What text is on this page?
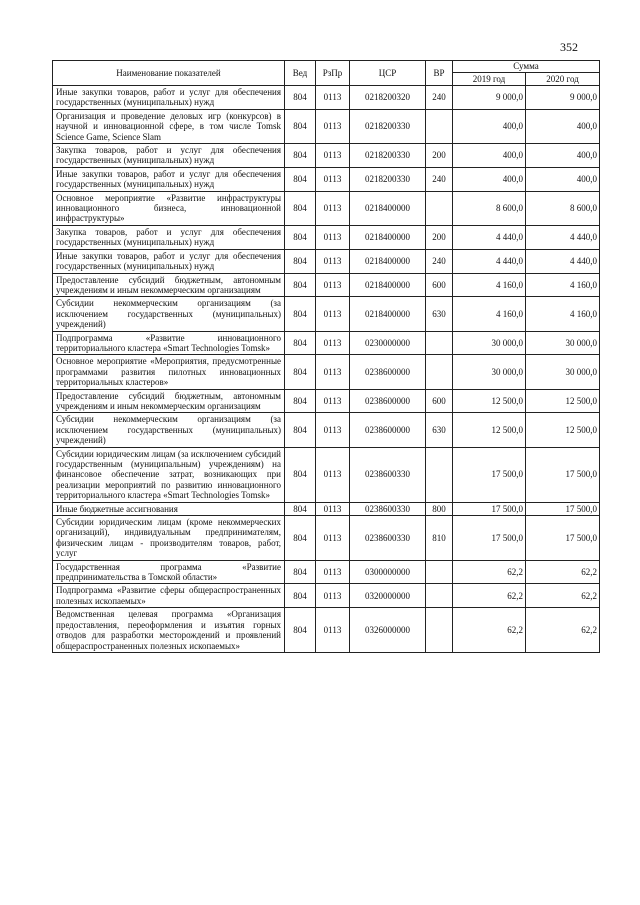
352
Наименование показателей	Вед	РзПр	ЦСР	ВР	Сумма	
					2019 год	2020 год
Иные закупки товаров, работ и услуг для обеспечения государственных (муниципальных) нужд	804	0113	0218200320	240	9 000,0	9 000,0
Организация и проведение деловых игр (конкурсов) в научной и инновационной сфере, в том числе Tomsk Science Game, Science Slam	804	0113	0218200330		400,0	400,0
Закупка товаров, работ и услуг для обеспечения государственных (муниципальных) нужд	804	0113	0218200330	200	400,0	400,0
Иные закупки товаров, работ и услуг для обеспечения государственных (муниципальных) нужд	804	0113	0218200330	240	400,0	400,0
Основное мероприятие «Развитие инфраструктуры инновационного бизнеса, инновационной инфраструктуры»	804	0113	0218400000		8 600,0	8 600,0
Закупка товаров, работ и услуг для обеспечения государственных (муниципальных) нужд	804	0113	0218400000	200	4 440,0	4 440,0
Иные закупки товаров, работ и услуг для обеспечения государственных (муниципальных) нужд	804	0113	0218400000	240	4 440,0	4 440,0
Предоставление субсидий бюджетным, автономным учреждениям и иным некоммерческим организациям	804	0113	0218400000	600	4 160,0	4 160,0
Субсидии некоммерческим организациям (за исключением государственных (муниципальных) учреждений)	804	0113	0218400000	630	4 160,0	4 160,0
Подпрограмма «Развитие инновационного территориального кластера «Smart Technologies Tomsk»	804	0113	0230000000		30 000,0	30 000,0
Основное мероприятие «Мероприятия, предусмотренные программами развития пилотных инновационных территориальных кластеров»	804	0113	0238600000		30 000,0	30 000,0
Предоставление субсидий бюджетным, автономным учреждениям и иным некоммерческим организациям	804	0113	0238600000	600	12 500,0	12 500,0
Субсидии некоммерческим организациям (за исключением государственных (муниципальных) учреждений)	804	0113	0238600000	630	12 500,0	12 500,0
Субсидии юридическим лицам (за исключением субсидий государственным (муниципальным) учреждениям) на финансовое обеспечение затрат, возникающих при реализации мероприятий по развитию инновационного территориального кластера «Smart Technologies Tomsk»	804	0113	0238600330		17 500,0	17 500,0
Иные бюджетные ассигнования	804	0113	0238600330	800	17 500,0	17 500,0
Субсидии юридическим лицам (кроме некоммерческих организаций), индивидуальным предпринимателям, физическим лицам - производителям товаров, работ, услуг	804	0113	0238600330	810	17 500,0	17 500,0
Государственная программа «Развитие предпринимательства в Томской области»	804	0113	0300000000		62,2	62,2
Подпрограмма «Развитие сферы общераспространенных полезных ископаемых»	804	0113	0320000000		62,2	62,2
Ведомственная целевая программа «Организация предоставления, переоформления и изъятия горных отводов для разработки месторождений и проявлений общераспространенных полезных ископаемых»	804	0113	0326000000		62,2	62,2
